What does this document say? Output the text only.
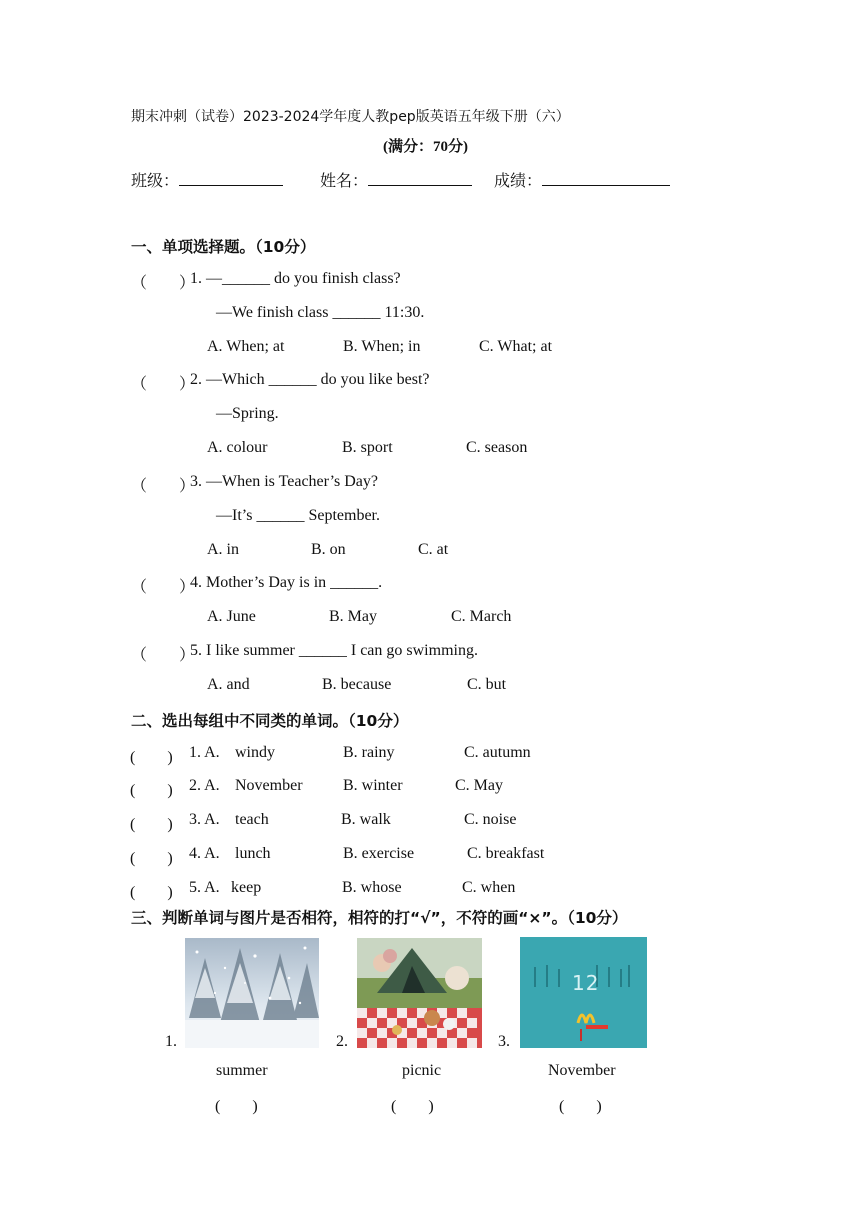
期末冲刺（试卷）2023-2024学年度人教pep版英语五年级下册（六）
(满分：70分)
班级：	姓名：	成绩：
一、单项选择题。（10分）
（　　）
1. —______ do you finish class?
—We finish class ______ 11:30.
A. When; at	B. When; in	C. What; at
（　　）
2. —Which ______ do you like best?
—Spring.
A. colour	B. sport	C. season
（　　）
3. —When is Teacher’s Day?
—It’s ______ September.
A. in	B. on	C. at
（　　）
4. Mother’s Day is in ______.
A. June	B. May	C. March
（　　）
5. I like summer ______ I can go swimming.
A. and	B. because	C. but
二、选出每组中不同类的单词。（10分）
(　　) 1. A. windy	B. rainy	C. autumn
(　　) 2. A. November	B. winter	C. May
(　　) 3. A. teach	B. walk	C. noise
(　　) 4. A. lunch	B. exercise	C. breakfast
(　　) 5. A. keep	B. whose	C. when
三、判断单词与图片是否相符，相符的打“√”，不符的画“×”。（10分）
1.
summer
(　　)
2.
picnic
(　　)
3.
12
November
(　　)
